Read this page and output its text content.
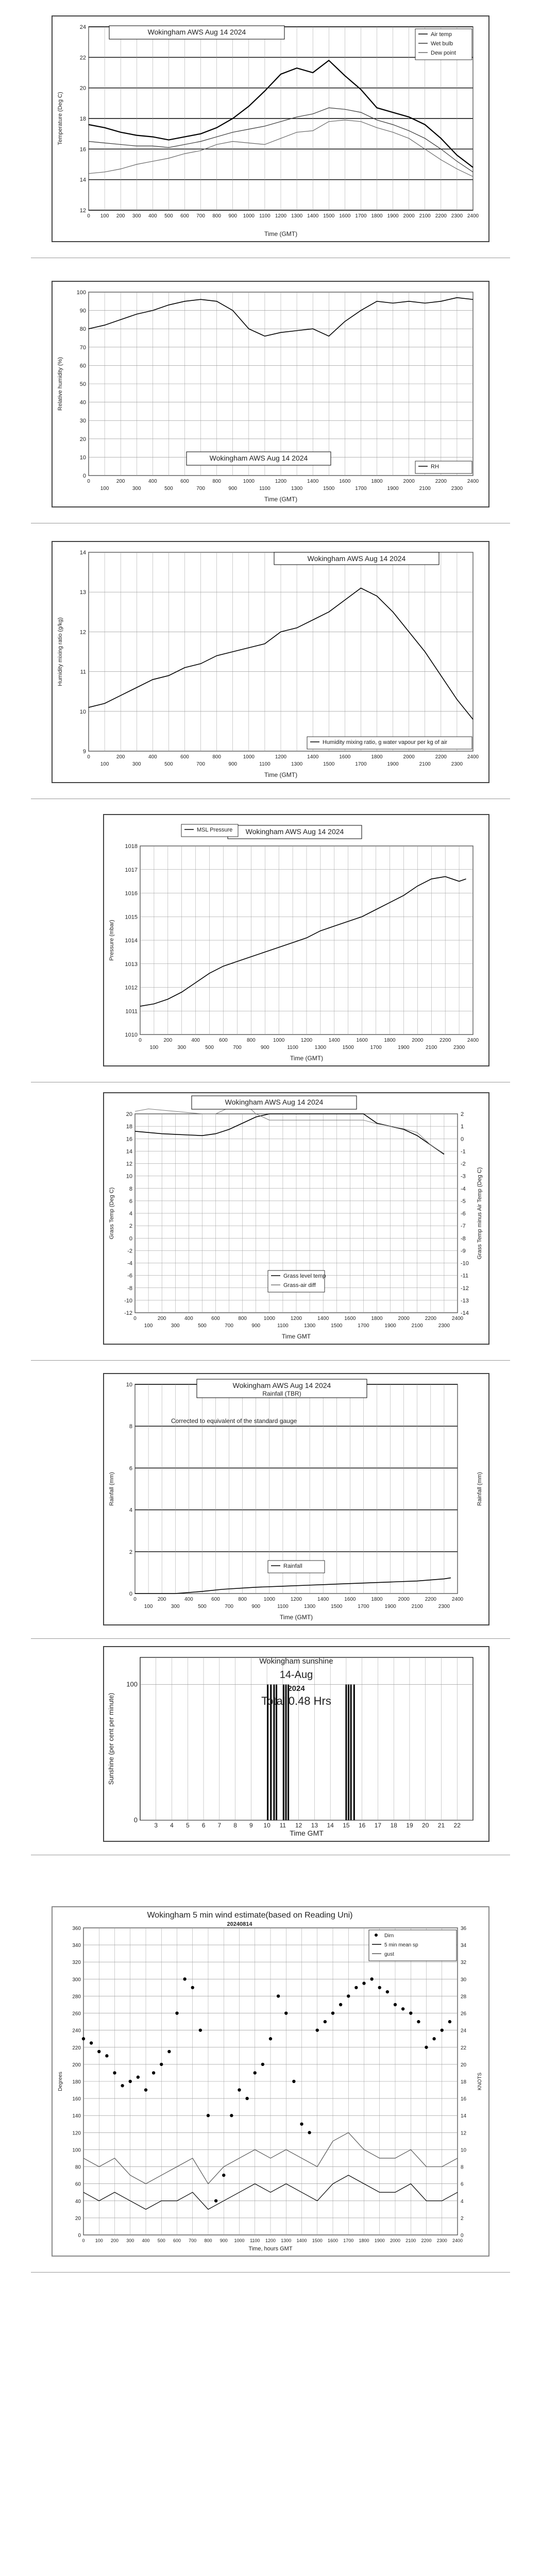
12
14
16
18
20
22
24
0 100 200 300 400 500 600 700 800 900 1000 1100 1200 1300 1400 1500 1600 1700 1800 1900 2000 2100 2200 2300 2400
Time (GMT)
Temperature (Deg C)
Wokingham AWS Aug 14 2024	Air temp
Wet bulb
Dew point
0
10
20
30
40
50
60
70
80
90
100
0
100
200
300
400
500
600
700
800
900
1000
1100
1200
1300
1400
1500
1600
1700
1800
1900
2000
2100
2200
2300
2400
Time (GMT)
Relative humidity (%)
Wokingham AWS Aug 14 2024
RH
9
10
11
12
13
14
0
100
200
300
400
500
600
700
800
900
1000
1100
1200
1300
1400
1500
1600
1700
1800
1900
2000
2100
2200
2300
2400
Time (GMT)
Humidity mixing ratio (g/kg)
Wokingham AWS Aug 14 2024
Humidity mixing ratio, g water vapour per kg of air
1010
1011
1012
1013
1014
1015
1016
1017
1018
0
100
200
300
400
500
600
700
800
900
1000
1100
1200
1300
1400
1500
1600
1700
1800
1900
2000
2100
2200
2300
2400
Time (GMT)
Pressure (mbar)
Wokingham AWS Aug 14 2024
MSL Pressure
-12
-10
-8
-6
-4
-2
0
2
4
6
8
10
12
14
16
18
20
0
100
200
300
400
500
600
700
800
900
1000
1100
1200
1300
1400
1500
1600
1700
1800
1900
2000
2100
2200
2300
2400
-14
-13
-12
-11
-10
-9
-8
-7
-6
-5
-4
-3
-2
-1
0
1
2
Time GMT
Grass Temp (Deg C)	Grass Temp minus Air Temp (Deg C)
Wokingham AWS Aug 14 2024
Grass level temp
Grass-air diff
0
2
4
6
8
10
0
100
200
300
400
500
600
700
800
900
1000
1100
1200
1300
1400
1500
1600
1700
1800
1900
2000
2100
2200
2300
2400
Time (GMT)
Rainfall (mm)	Rainfall (mm)
Wokingham AWS Aug 14 2024
Rainfall (TBR)
Corrected to equivalent of the standard gauge
Rainfall
0
100
3 4 5 6 7 8 9 10 11 12 13 14 15 16 17 18 19 20 21 22
Time GMT
Sunshine (per cent per minute)
Wokingham sunshine
14-Aug
2024
Total 0.48 Hrs
0
20
40
60
80
100
120
140
160
180
200
220
240
260
280
300
320
340
360
0 100 200 300 400 500 600 700 800 900 1000 1100 1200 1300 1400 1500 1600 1700 1800 1900 2000 2100 2200 2300 2400
0
2
4
6
8
10
12
14
16
18
20
22
24
26
28
30
32
34
36
Time, hours GMT
Degrees	KNOTS
Wokingham 5 min wind estimate(based on Reading Uni)
20240814
Dirn
5 min mean sp
gust
